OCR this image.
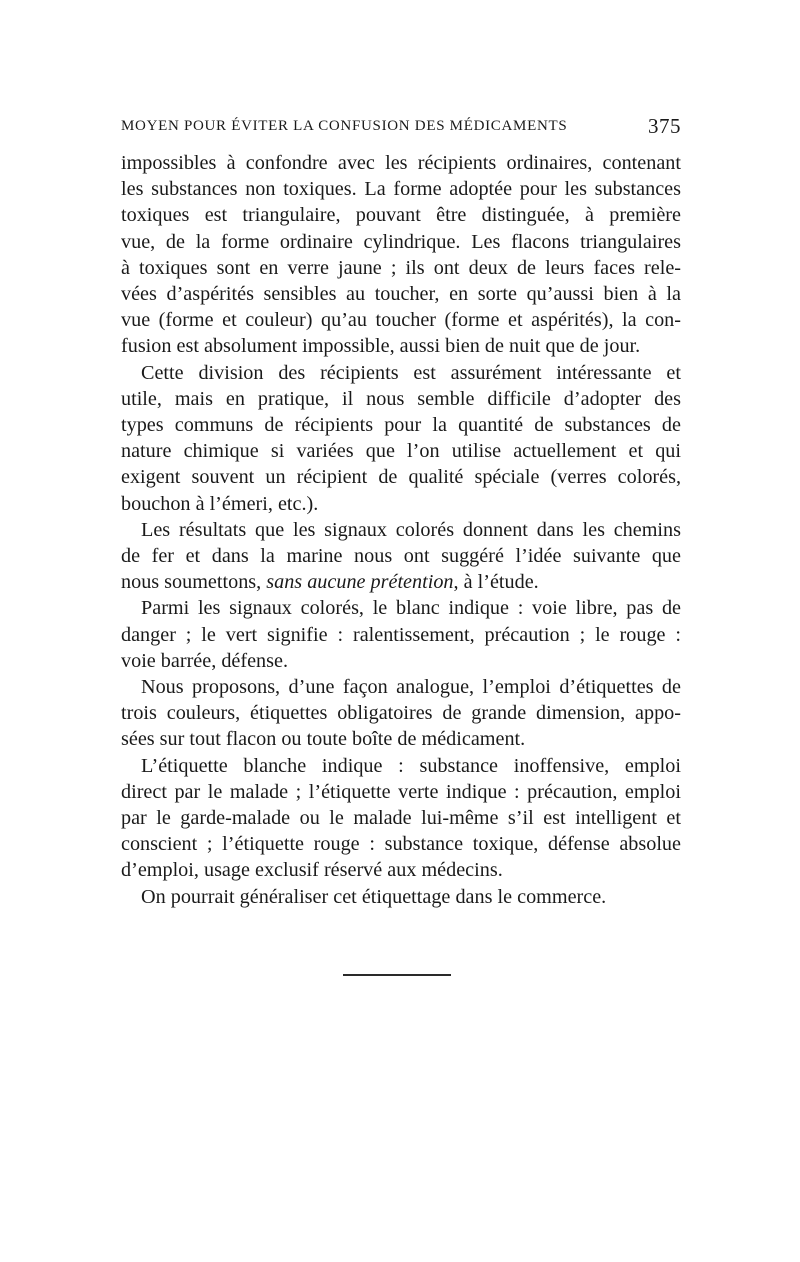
MOYEN POUR ÉVITER LA CONFUSION DES MÉDICAMENTS	375

impossibles à confondre avec les récipients ordinaires, contenant
les substances non toxiques. La forme adoptée pour les substances
toxiques est triangulaire, pouvant être distinguée, à première
vue, de la forme ordinaire cylindrique. Les flacons triangulaires
à toxiques sont en verre jaune ; ils ont deux de leurs faces rele-
vées d’aspérités sensibles au toucher, en sorte qu’aussi bien à la
vue (forme et couleur) qu’au toucher (forme et aspérités), la con-
fusion est absolument impossible, aussi bien de nuit que de jour.

Cette division des récipients est assurément intéressante et
utile, mais en pratique, il nous semble difficile d’adopter des
types communs de récipients pour la quantité de substances de
nature chimique si variées que l’on utilise actuellement et qui
exigent souvent un récipient de qualité spéciale (verres colorés,
bouchon à l’émeri, etc.).

Les résultats que les signaux colorés donnent dans les chemins
de fer et dans la marine nous ont suggéré l’idée suivante que
nous soumettons, sans aucune prétention, à l’étude.

Parmi les signaux colorés, le blanc indique : voie libre, pas de
danger ; le vert signifie : ralentissement, précaution ; le rouge :
voie barrée, défense.

Nous proposons, d’une façon analogue, l’emploi d’étiquettes de
trois couleurs, étiquettes obligatoires de grande dimension, appo-
sées sur tout flacon ou toute boîte de médicament.

L’étiquette blanche indique : substance inoffensive, emploi
direct par le malade ; l’étiquette verte indique : précaution, emploi
par le garde-malade ou le malade lui-même s’il est intelligent et
conscient ; l’étiquette rouge : substance toxique, défense absolue
d’emploi, usage exclusif réservé aux médecins.

On pourrait généraliser cet étiquettage dans le commerce.
